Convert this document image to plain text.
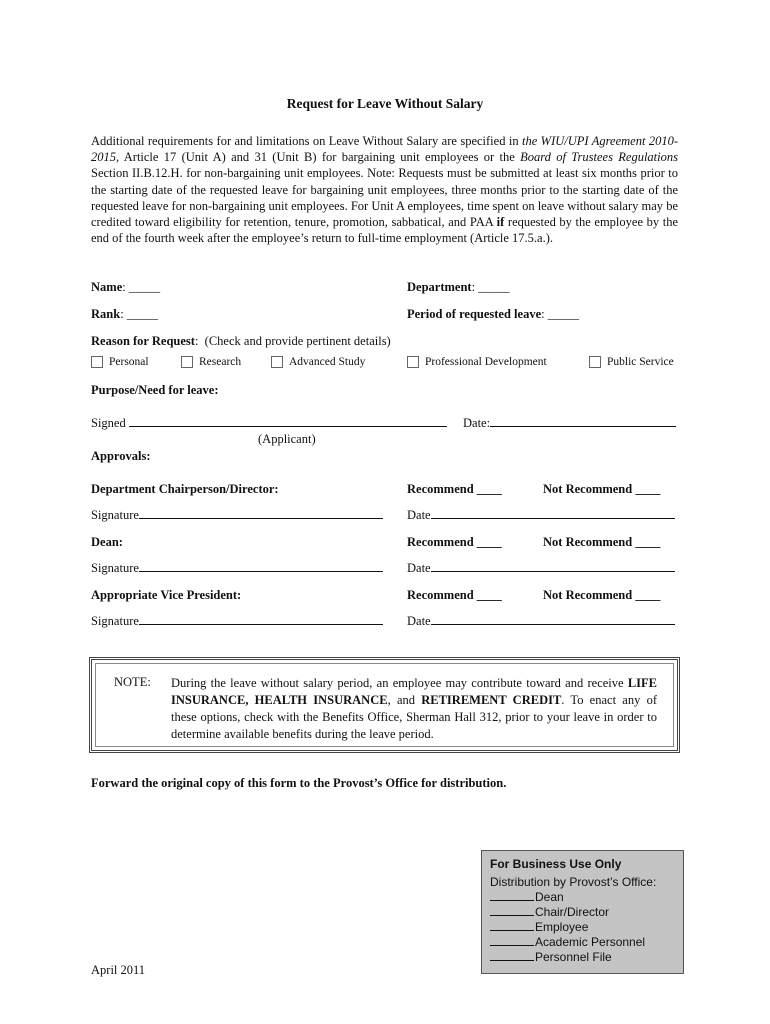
Request for Leave Without Salary
Additional requirements for and limitations on Leave Without Salary are specified in the WIU/UPI Agreement 2010-2015, Article 17 (Unit A) and 31 (Unit B) for bargaining unit employees or the Board of Trustees Regulations Section II.B.12.H. for non-bargaining unit employees. Note: Requests must be submitted at least six months prior to the starting date of the requested leave for bargaining unit employees, three months prior to the starting date of the requested leave for non-bargaining unit employees. For Unit A employees, time spent on leave without salary may be credited toward eligibility for retention, tenure, promotion, sabbatical, and PAA if requested by the employee by the end of the fourth week after the employee’s return to full-time employment (Article 17.5.a.).
Name: _____	Department: _____
Rank: _____	Period of requested leave: _____
Reason for Request:  (Check and provide pertinent details)
Personal	Research	Advanced Study	Professional Development	Public Service
Purpose/Need for leave:
Signed	Date:
(Applicant)
Approvals:
Department Chairperson/Director:	Recommend ____	Not Recommend ____
Signature	Date
Dean:	Recommend ____	Not Recommend ____
Signature	Date
Appropriate Vice President:	Recommend ____	Not Recommend ____
Signature	Date
NOTE: During the leave without salary period, an employee may contribute toward and receive LIFE INSURANCE, HEALTH INSURANCE, and RETIREMENT CREDIT. To enact any of these options, check with the Benefits Office, Sherman Hall 312, prior to your leave in order to determine available benefits during the leave period.
Forward the original copy of this form to the Provost’s Office for distribution.
April 2011
For Business Use Only
Distribution by Provost’s Office:
Dean
Chair/Director
Employee
Academic Personnel
Personnel File
